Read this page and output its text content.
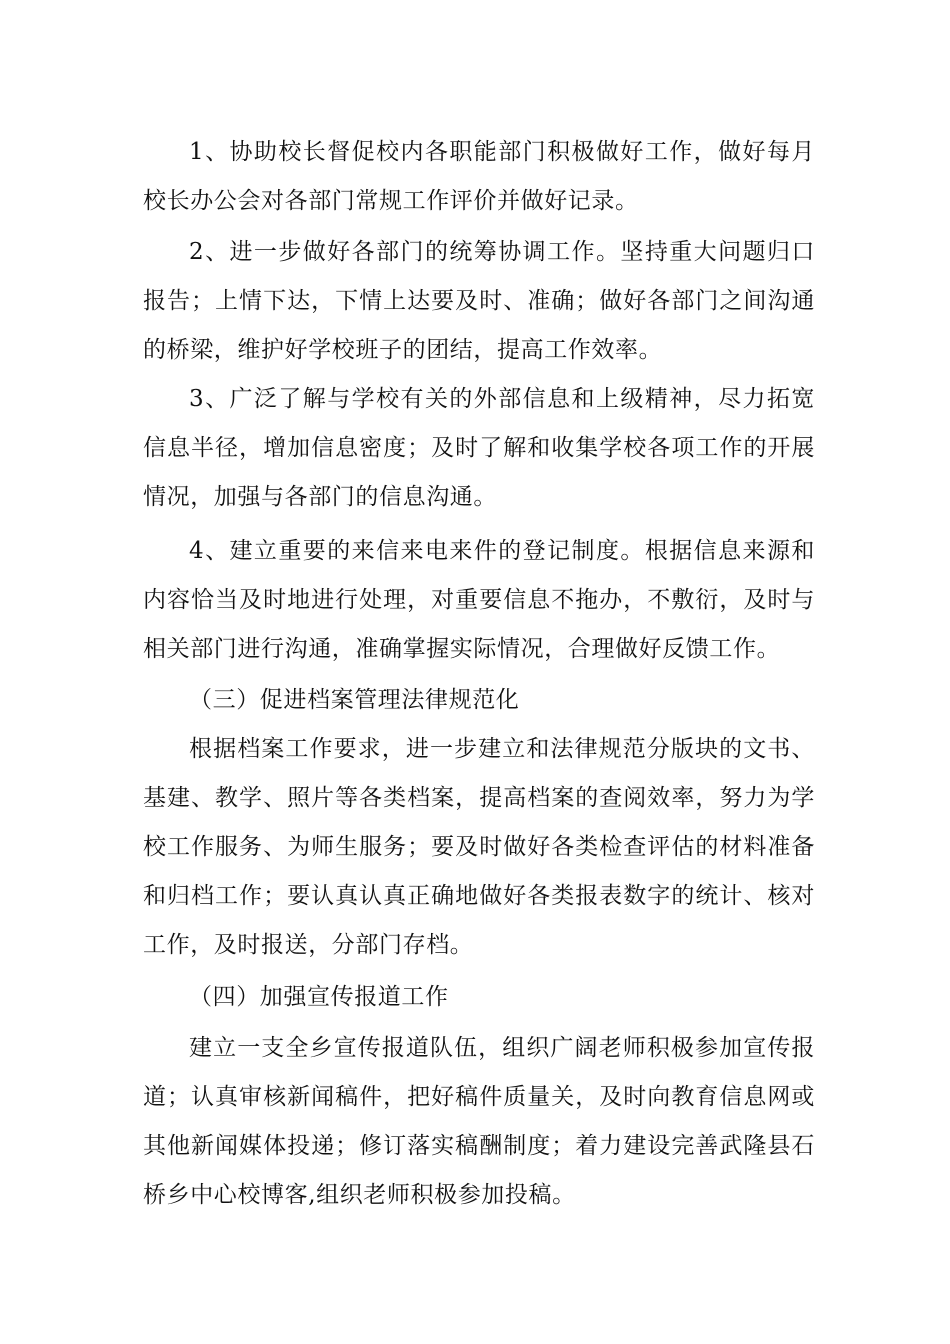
1、协助校长督促校内各职能部门积极做好工作，做好每月校长办公会对各部门常规工作评价并做好记录。

2、进一步做好各部门的统筹协调工作。坚持重大问题归口报告；上情下达，下情上达要及时、准确；做好各部门之间沟通的桥梁，维护好学校班子的团结，提高工作效率。

3、广泛了解与学校有关的外部信息和上级精神，尽力拓宽信息半径，增加信息密度；及时了解和收集学校各项工作的开展情况，加强与各部门的信息沟通。

4、建立重要的来信来电来件的登记制度。根据信息来源和内容恰当及时地进行处理，对重要信息不拖办，不敷衍，及时与相关部门进行沟通，准确掌握实际情况，合理做好反馈工作。

（三）促进档案管理法律规范化

根据档案工作要求，进一步建立和法律规范分版块的文书、基建、教学、照片等各类档案，提高档案的查阅效率，努力为学校工作服务、为师生服务；要及时做好各类检查评估的材料准备和归档工作；要认真认真正确地做好各类报表数字的统计、核对工作，及时报送，分部门存档。

（四）加强宣传报道工作

建立一支全乡宣传报道队伍，组织广阔老师积极参加宣传报道；认真审核新闻稿件，把好稿件质量关，及时向教育信息网或其他新闻媒体投递；修订落实稿酬制度；着力建设完善武隆县石桥乡中心校博客,组织老师积极参加投稿。
